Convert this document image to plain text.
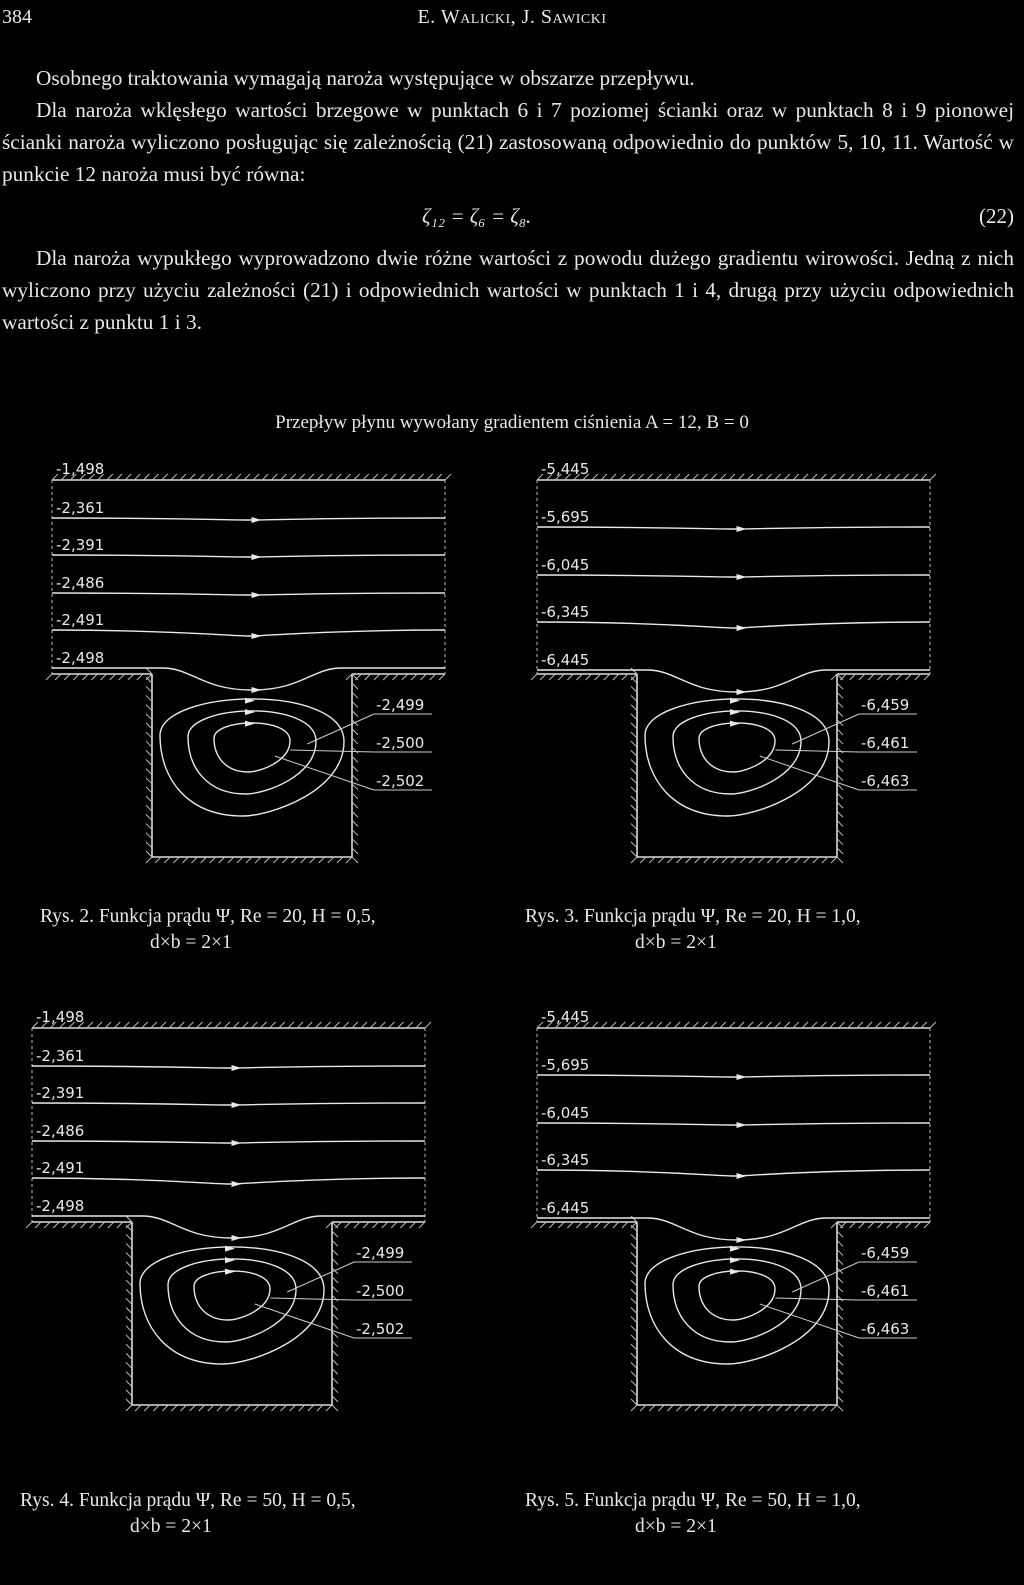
384	E. Walicki, J. Sawicki

Osobnego traktowania wymagają naroża występujące w obszarze przepływu.

Dla naroża wklęsłego wartości brzegowe w punktach 6 i 7 poziomej ścianki oraz w punktach 8 i 9 pionowej ścianki naroża wyliczono posługując się zależnością (21) zastosowaną odpowiednio do punktów 5, 10, 11. Wartość w punkcie 12 naroża musi być równa:

ζ₁₂ = ζ₆ = ζ₈.	(22)

Dla naroża wypukłego wyprowadzono dwie różne wartości z powodu dużego gradientu wirowości. Jedną z nich wyliczono przy użyciu zależności (21) i odpowiednich wartości w punktach 1 i 4, drugą przy użyciu odpowiednich wartości z punktu 1 i 3.

Przepływ płynu wywołany gradientem ciśnienia A = 12, B = 0
-1,498
-2,361
-2,391
-2,486
-2,491
-2,498
-2,499
-2,500
-2,502
-5,445
-5,695
-6,045
-6,345
-6,445
-6,459
-6,461
-6,463
-1,498
-2,361
-2,391
-2,486
-2,491
-2,498
-2,499
-2,500
-2,502
-5,445
-5,695
-6,045
-6,345
-6,445
-6,459
-6,461
-6,463
Rys. 2. Funkcja prądu Ψ, Re = 20, H = 0,5,
d×b = 2×1
Rys. 3. Funkcja prądu Ψ, Re = 20, H = 1,0,
d×b = 2×1
Rys. 4. Funkcja prądu Ψ, Re = 50, H = 0,5,
d×b = 2×1
Rys. 5. Funkcja prądu Ψ, Re = 50, H = 1,0,
d×b = 2×1
